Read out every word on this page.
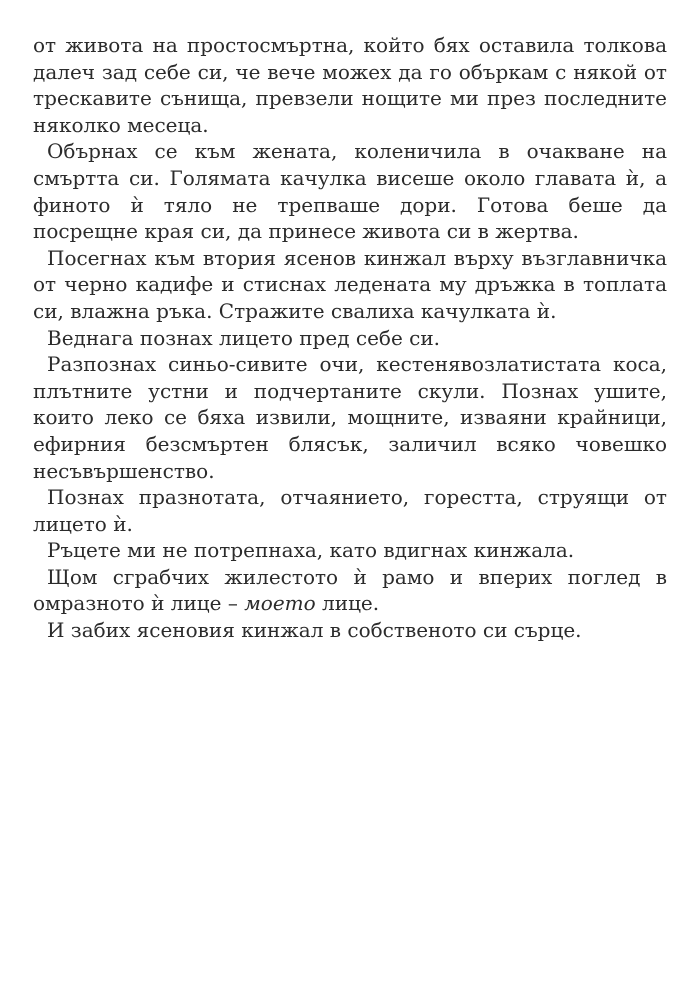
от живота на простосмъртна, който бях оставила толкова далеч зад себе си, че вече можех да го объркам с някой от трескавите сънища, превзели нощите ми през последните няколко месеца.

Обърнах се към жената, коленичила в очакване на смъртта си. Голямата качулка висеше около главата ѝ, а финото ѝ тяло не трепваше дори. Готова беше да посрещне края си, да принесе живота си в жертва.

Посегнах към втория ясенов кинжал върху възглавничка от черно кадифе и стиснах ледената му дръжка в топлата си, влажна ръка. Стражите свалиха качулката ѝ.

Веднага познах лицето пред себе си.

Разпознах синьо-сивите очи, кестенявозлатистата коса, плътните устни и подчертаните скули. Познах ушите, които леко се бяха извили, мощните, изваяни крайници, ефирния безсмъртен блясък, заличил всяко човешко несъвършенство.

Познах празнотата, отчаянието, горестта, струящи от лицето ѝ.

Ръцете ми не потрепнаха, като вдигнах кинжала.

Щом сграбчих жилестото ѝ рамо и вперих поглед в омразното ѝ лице – моето лице.

И забих ясеновия кинжал в собственото си сърце.
